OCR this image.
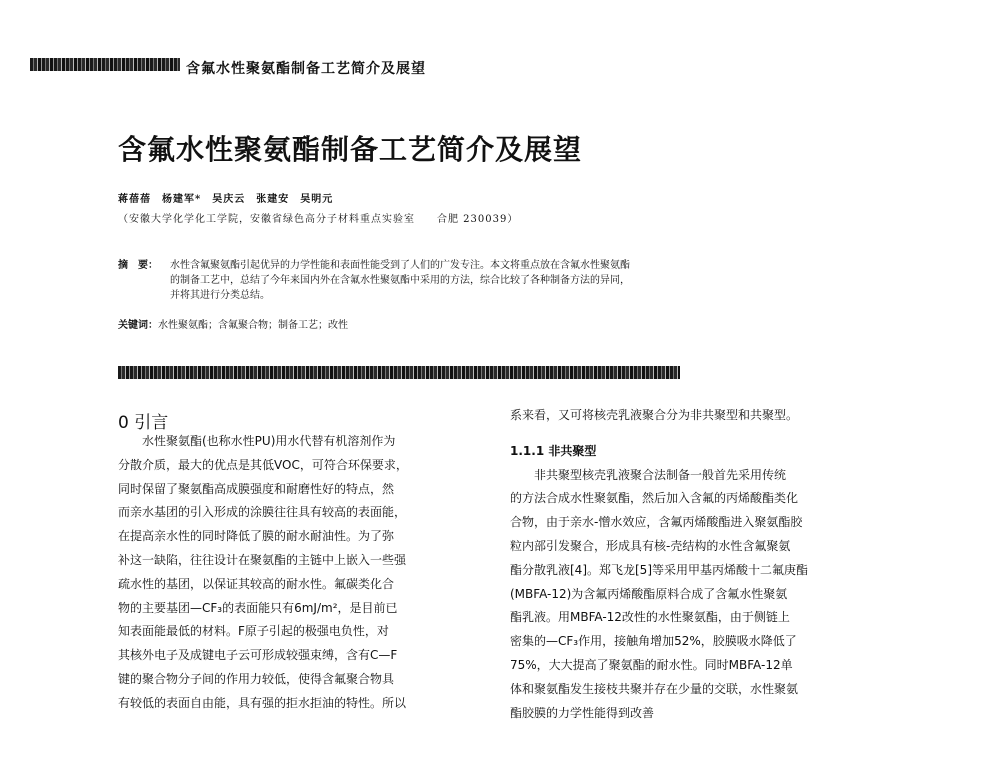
含氟水性聚氨酯制备工艺简介及展望
含氟水性聚氨酯制备工艺简介及展望
蒋蓓蓓　杨建军*　吴庆云　张建安　吴明元
（安徽大学化学化工学院，安徽省绿色高分子材料重点实验室　　合肥 230039）
摘　要：	水性含氟聚氨酯引起优异的力学性能和表面性能受到了人们的广发专注。本文将重点放在含氟水性聚氨酯
的制备工艺中，总结了今年来国内外在含氟水性聚氨酯中采用的方法，综合比较了各种制备方法的异同，
并将其进行分类总结。
关键词： 水性聚氨酯；含氟聚合物；制备工艺；改性
0 引言
　　水性聚氨酯(也称水性PU)用水代替有机溶剂作为
分散介质，最大的优点是其低VOC，可符合环保要求，
同时保留了聚氨酯高成膜强度和耐磨性好的特点，然
而亲水基团的引入形成的涂膜往往具有较高的表面能，
在提高亲水性的同时降低了膜的耐水耐油性。为了弥
补这一缺陷，往往设计在聚氨酯的主链中上嵌入一些强
疏水性的基团，以保证其较高的耐水性。氟碳类化合
物的主要基团—CF₃的表面能只有6mJ/m²，是目前已
知表面能最低的材料。F原子引起的极强电负性，对
其核外电子及成键电子云可形成较强束缚，含有C—F
键的聚合物分子间的作用力较低，使得含氟聚合物具
有较低的表面自由能，具有强的拒水拒油的特性。所以
系来看，又可将核壳乳液聚合分为非共聚型和共聚型。
1.1.1 非共聚型
　　非共聚型核壳乳液聚合法制备一般首先采用传统
的方法合成水性聚氨酯，然后加入含氟的丙烯酸酯类化
合物，由于亲水-憎水效应，含氟丙烯酸酯进入聚氨酯胶
粒内部引发聚合，形成具有核-壳结构的水性含氟聚氨
酯分散乳液[4]。郑飞龙[5]等采用甲基丙烯酸十二氟庚酯
(MBFA-12)为含氟丙烯酸酯原料合成了含氟水性聚氨
酯乳液。用MBFA-12改性的水性聚氨酯，由于侧链上
密集的—CF₃作用，接触角增加52%，胶膜吸水降低了
75%，大大提高了聚氨酯的耐水性。同时MBFA-12单
体和聚氨酯发生接枝共聚并存在少量的交联，水性聚氨
酯胶膜的力学性能得到改善
